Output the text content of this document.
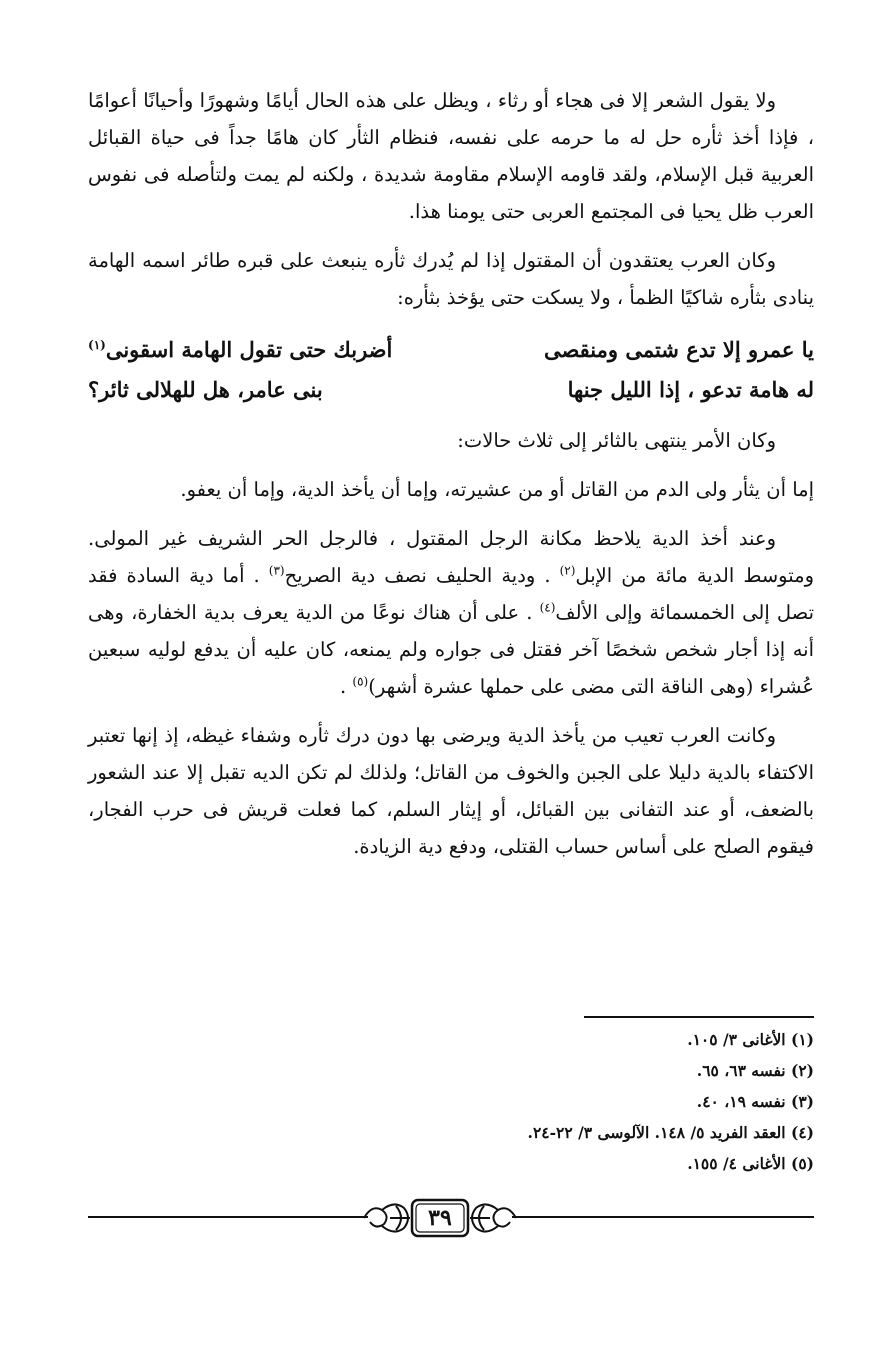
ولا يقول الشعر إلا فى هجاء أو رثاء ، ويظل على هذه الحال أيامًا وشهورًا وأحيانًا أعوامًا ، فإذا أخذ ثأره حل له ما حرمه على نفسه، فنظام الثأر كان هامًا جداً فى حياة القبائل العربية قبل الإسلام، ولقد قاومه الإسلام مقاومة شديدة ، ولكنه لم يمت ولتأصله فى نفوس العرب ظل يحيا فى المجتمع العربى حتى يومنا هذا.

وكان العرب يعتقدون أن المقتول إذا لم يُدرك ثأره ينبعث على قبره طائر اسمه الهامة ينادى بثأره شاكيًا الظمأ ، ولا يسكت حتى يؤخذ بثأره:

يا عمرو إلا تدع شتمى ومنقصى
أضربك حتى تقول الهامة اسقونى$^{(١)}$
له هامة تدعو ، إذا الليل جنها
بنى عامر، هل للهلالى ثائر؟

وكان الأمر ينتهى بالثائر إلى ثلاث حالات:

إما أن يثأر ولى الدم من القاتل أو من عشيرته، وإما أن يأخذ الدية، وإما أن يعفو.

وعند أخذ الدية يلاحظ مكانة الرجل المقتول ، فالرجل الحر الشريف غير المولى. ومتوسط الدية مائة من الإبل$^{(٢)}$ . ودية الحليف نصف دية الصريح$^{(٣)}$ . أما دية السادة فقد تصل إلى الخمسمائة وإلى الألف$^{(٤)}$ . على أن هناك نوعًا من الدية يعرف بدية الخفارة، وهى أنه إذا أجار شخص شخصًا آخر فقتل فى جواره ولم يمنعه، كان عليه أن يدفع لوليه سبعين عُشراء (وهى الناقة التى مضى على حملها عشرة أشهر)$^{(٥)}$ .

وكانت العرب تعيب من يأخذ الدية ويرضى بها دون درك ثأره وشفاء غيظه، إذ إنها تعتبر الاكتفاء بالدية دليلا على الجبن والخوف من القاتل؛ ولذلك لم تكن الديه تقبل إلا عند الشعور بالضعف، أو عند التفانى بين القبائل، أو إيثار السلم، كما فعلت قريش فى حرب الفجار، فيقوم الصلح على أساس حساب القتلى، ودفع دية الزيادة.

(١) الأغانى ٣/ ١٠٥.
(٢) نفسه ٦٣، ٦٥.
(٣) نفسه ١٩، ٤٠.
(٤) العقد الفريد ٥/ ١٤٨. الآلوسى ٣/ ٢٢-٢٤.
(٥) الأغانى ٤/ ١٥٥.
٣٩
